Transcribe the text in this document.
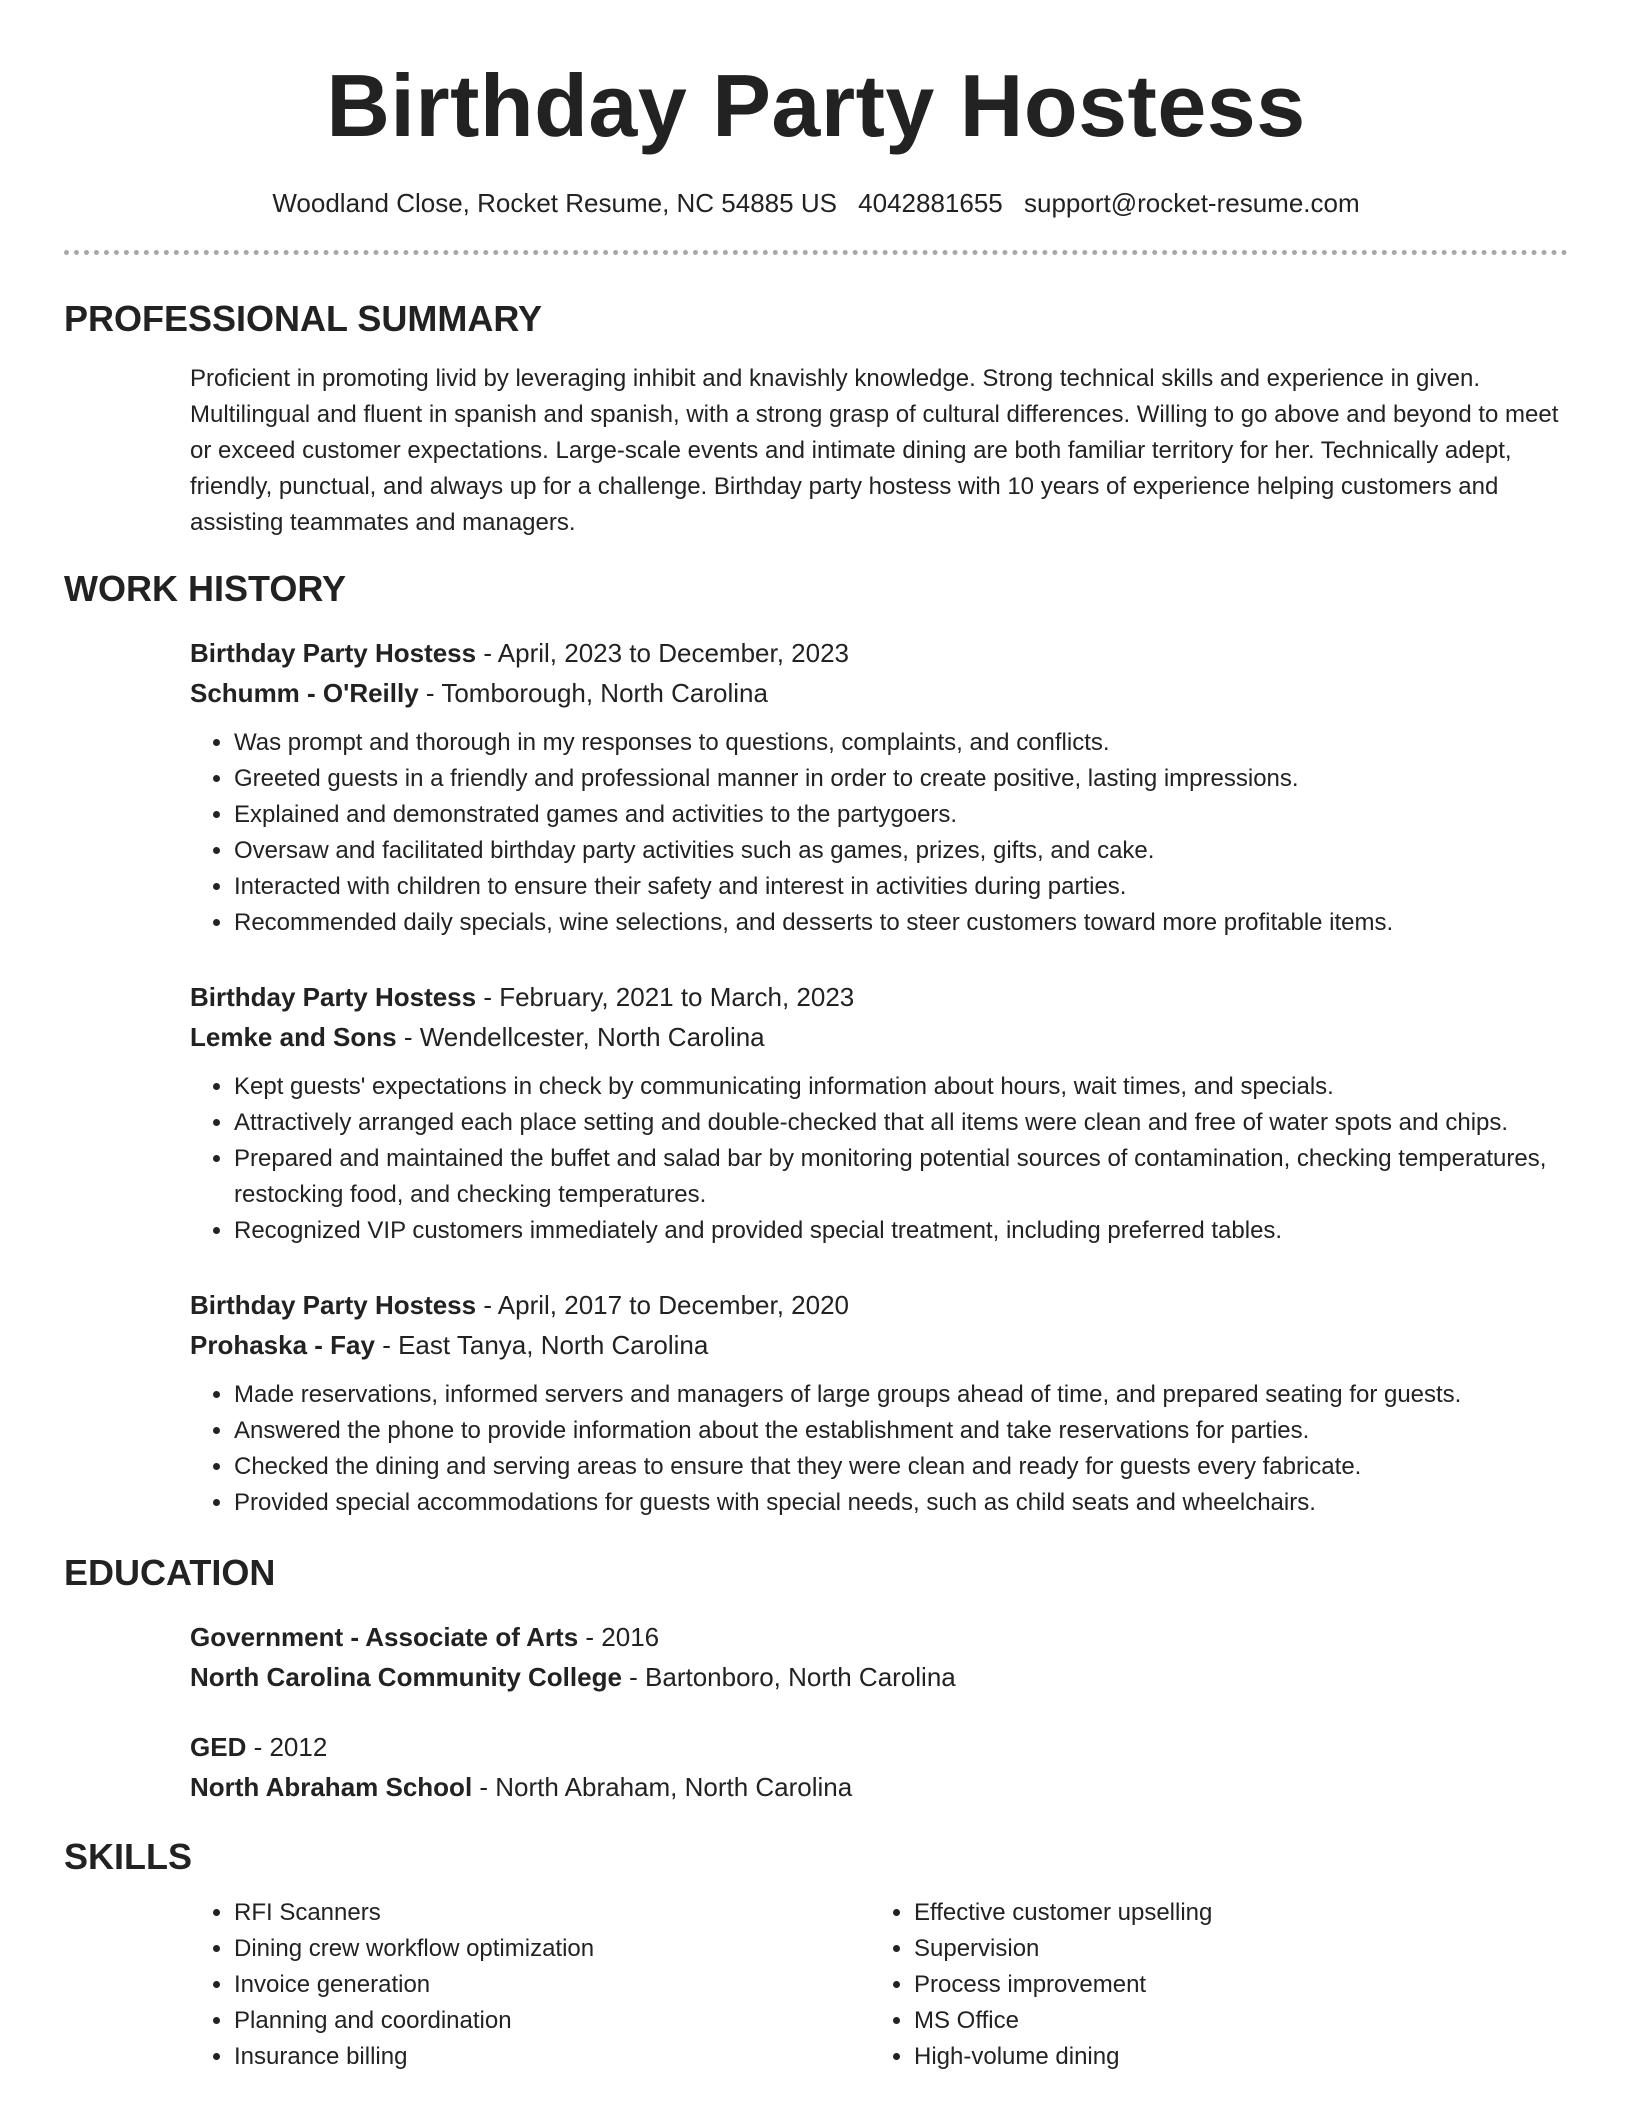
Birthday Party Hostess
Woodland Close, Rocket Resume, NC 54885 US 4042881655 support@rocket-resume.com
PROFESSIONAL SUMMARY
Proficient in promoting livid by leveraging inhibit and knavishly knowledge. Strong technical skills and experience in given. Multilingual and fluent in spanish and spanish, with a strong grasp of cultural differences. Willing to go above and beyond to meet or exceed customer expectations. Large-scale events and intimate dining are both familiar territory for her. Technically adept, friendly, punctual, and always up for a challenge. Birthday party hostess with 10 years of experience helping customers and assisting teammates and managers.
WORK HISTORY
Birthday Party Hostess - April, 2023 to December, 2023
Schumm - O'Reilly - Tomborough, North Carolina
• Was prompt and thorough in my responses to questions, complaints, and conflicts.
• Greeted guests in a friendly and professional manner in order to create positive, lasting impressions.
• Explained and demonstrated games and activities to the partygoers.
• Oversaw and facilitated birthday party activities such as games, prizes, gifts, and cake.
• Interacted with children to ensure their safety and interest in activities during parties.
• Recommended daily specials, wine selections, and desserts to steer customers toward more profitable items.
Birthday Party Hostess - February, 2021 to March, 2023
Lemke and Sons - Wendellcester, North Carolina
• Kept guests' expectations in check by communicating information about hours, wait times, and specials.
• Attractively arranged each place setting and double-checked that all items were clean and free of water spots and chips.
• Prepared and maintained the buffet and salad bar by monitoring potential sources of contamination, checking temperatures, restocking food, and checking temperatures.
• Recognized VIP customers immediately and provided special treatment, including preferred tables.
Birthday Party Hostess - April, 2017 to December, 2020
Prohaska - Fay - East Tanya, North Carolina
• Made reservations, informed servers and managers of large groups ahead of time, and prepared seating for guests.
• Answered the phone to provide information about the establishment and take reservations for parties.
• Checked the dining and serving areas to ensure that they were clean and ready for guests every fabricate.
• Provided special accommodations for guests with special needs, such as child seats and wheelchairs.
EDUCATION
Government - Associate of Arts - 2016
North Carolina Community College - Bartonboro, North Carolina
GED - 2012
North Abraham School - North Abraham, North Carolina
SKILLS
• RFI Scanners
• Dining crew workflow optimization
• Invoice generation
• Planning and coordination
• Insurance billing
• Effective customer upselling
• Supervision
• Process improvement
• MS Office
• High-volume dining
